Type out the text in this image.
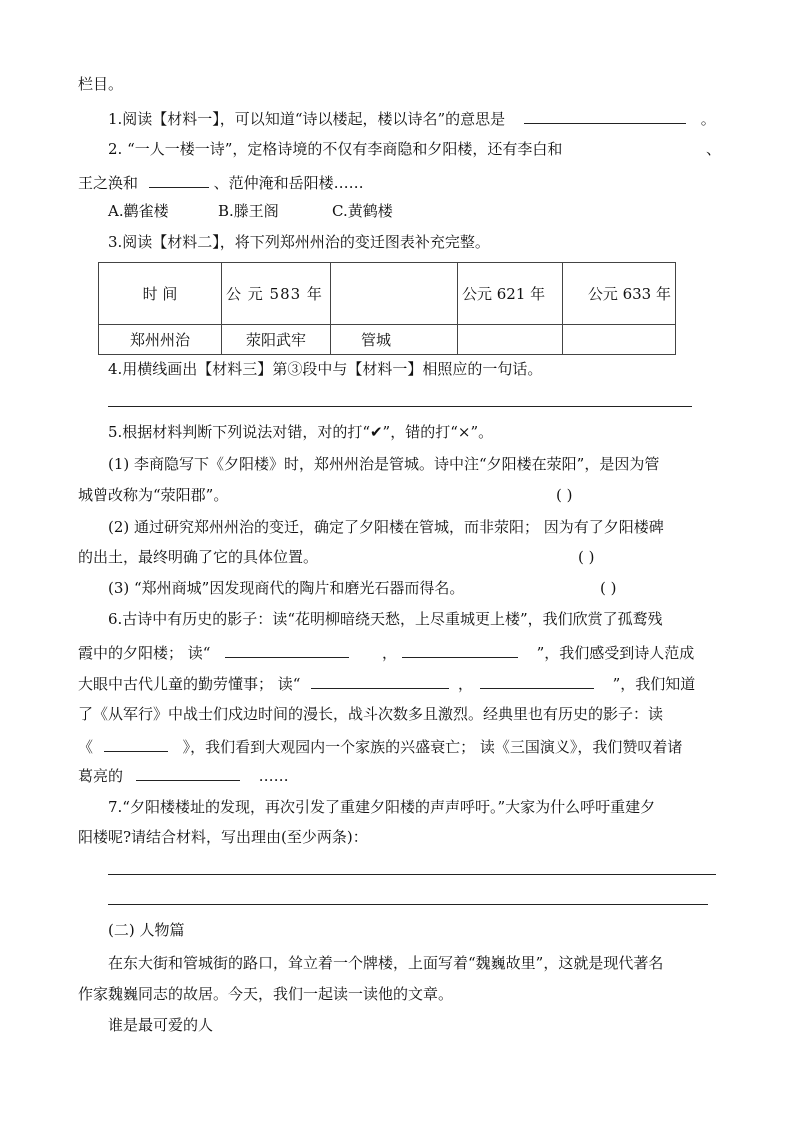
栏目。
1.阅读【材料一】，可以知道“诗以楼起，楼以诗名”的意思是	。
2. “一人一楼一诗”，定格诗境的不仅有李商隐和夕阳楼，还有李白和	、
王之涣和	、范仲淹和岳阳楼……
A.鹳雀楼	B.滕王阁	C.黄鹤楼
3.阅读【材料二】，将下列郑州州治的变迁图表补充完整。
时 间	公 元 583 年		公元 621 年	公元 633 年
郑州州治	荥阳武牢	管城		
4.用横线画出【材料三】第③段中与【材料一】相照应的一句话。
5.根据材料判断下列说法对错，对的打“✔”，错的打“×”。
(1) 李商隐写下《夕阳楼》时，郑州州治是管城。诗中注“夕阳楼在荥阳”，是因为管
城曾改称为“荥阳郡”。	( )
(2) 通过研究郑州州治的变迁，确定了夕阳楼在管城，而非荥阳； 因为有了夕阳楼碑
的出土，最终明确了它的具体位置。	( )
(3) “郑州商城”因发现商代的陶片和磨光石器而得名。	( )
6.古诗中有历史的影子：读“花明柳暗绕天愁，上尽重城更上楼”，我们欣赏了孤鹜残
霞中的夕阳楼； 读“	，	”，我们感受到诗人范成
大眼中古代儿童的勤劳懂事； 读“	，	”，我们知道
了《从军行》中战士们戍边时间的漫长，战斗次数多且激烈。经典里也有历史的影子：读
《	》，我们看到大观园内一个家族的兴盛衰亡； 读《三国演义》，我们赞叹着诸
葛亮的	……
7.“夕阳楼楼址的发现，再次引发了重建夕阳楼的声声呼吁。”大家为什么呼吁重建夕
阳楼呢?请结合材料，写出理由(至少两条)：
(二) 人物篇
在东大街和管城街的路口，耸立着一个牌楼，上面写着“魏巍故里”，这就是现代著名
作家魏巍同志的故居。今天，我们一起读一读他的文章。
谁是最可爱的人
